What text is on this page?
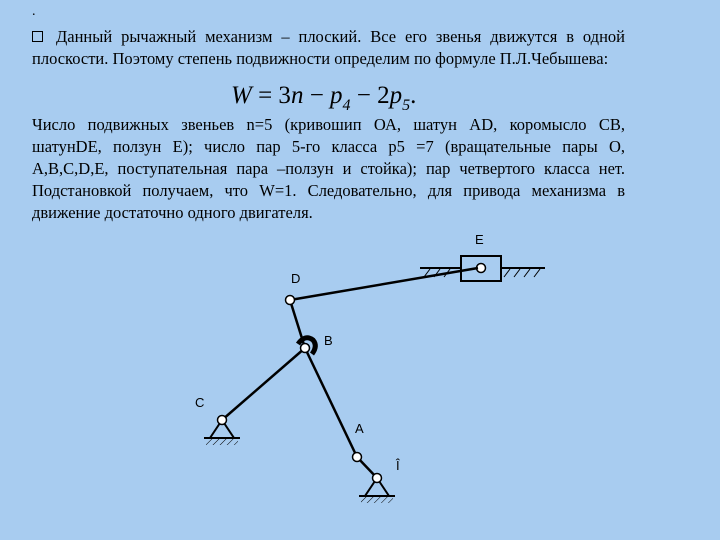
.
Данный рычажный механизм – плоский. Все его звенья движутся в одной плоскости. Поэтому степень подвижности определим по формуле П.Л.Чебышева:
$W = 3n - p_4 - 2p_5$.
Число подвижных звеньев n=5 (кривошип ОА, шатун АD, коромысло СВ, шатунDE, ползун Е); число пар 5-го класса р5 =7 (вращательные пары О, А,В,С,D,Е, поступательная пара –ползун и стойка); пар четвертого класса нет. Подстановкой получаем, что W=1. Следовательно, для привода механизма в движение достаточно одного двигателя.
E
D
B
C
A
Î
